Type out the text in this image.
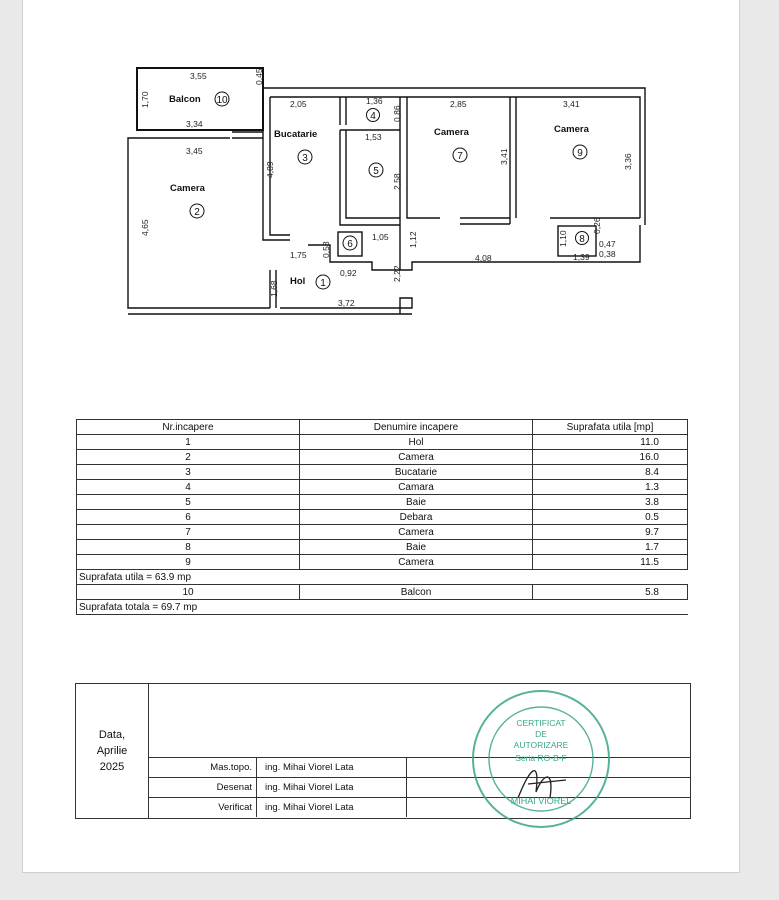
Balcon 10
Bucatarie
3
Camera
7
Camera
9
Camera
2
Hol 1
4
5
6	8
3,55	0,45
1,70
3,34
3,45
4,65
2,05	1,36
0,86
1,53
4,89
2,58
2,85	3,41
3,41	3,36
1,05 1,12
0,58
1,75
0,92
1,68
3,72
2,22
4,08
1,10
0,26
0,47
1,39 0,38
Nr.incapere	Denumire incapere	Suprafata utila [mp]
1	Hol	11.0
2	Camera	16.0
3	Bucatarie	8.4
4	Camara	1.3
5	Baie	3.8
6	Debara	0.5
7	Camera	9.7
8	Baie	1.7
9	Camera	11.5
Suprafata utila = 63.9 mp		
10	Balcon	5.8
Suprafata totala = 69.7 mp		
Data,
Aprilie
2025	Mas.topo.	ing. Mihai Viorel Lata
Desenat	ing. Mihai Viorel Lata
Verificat	ing. Mihai Viorel Lata
CERTIFICAT
DE
AUTORIZARE
Seria RO-B-F
MIHAI VIOREL
